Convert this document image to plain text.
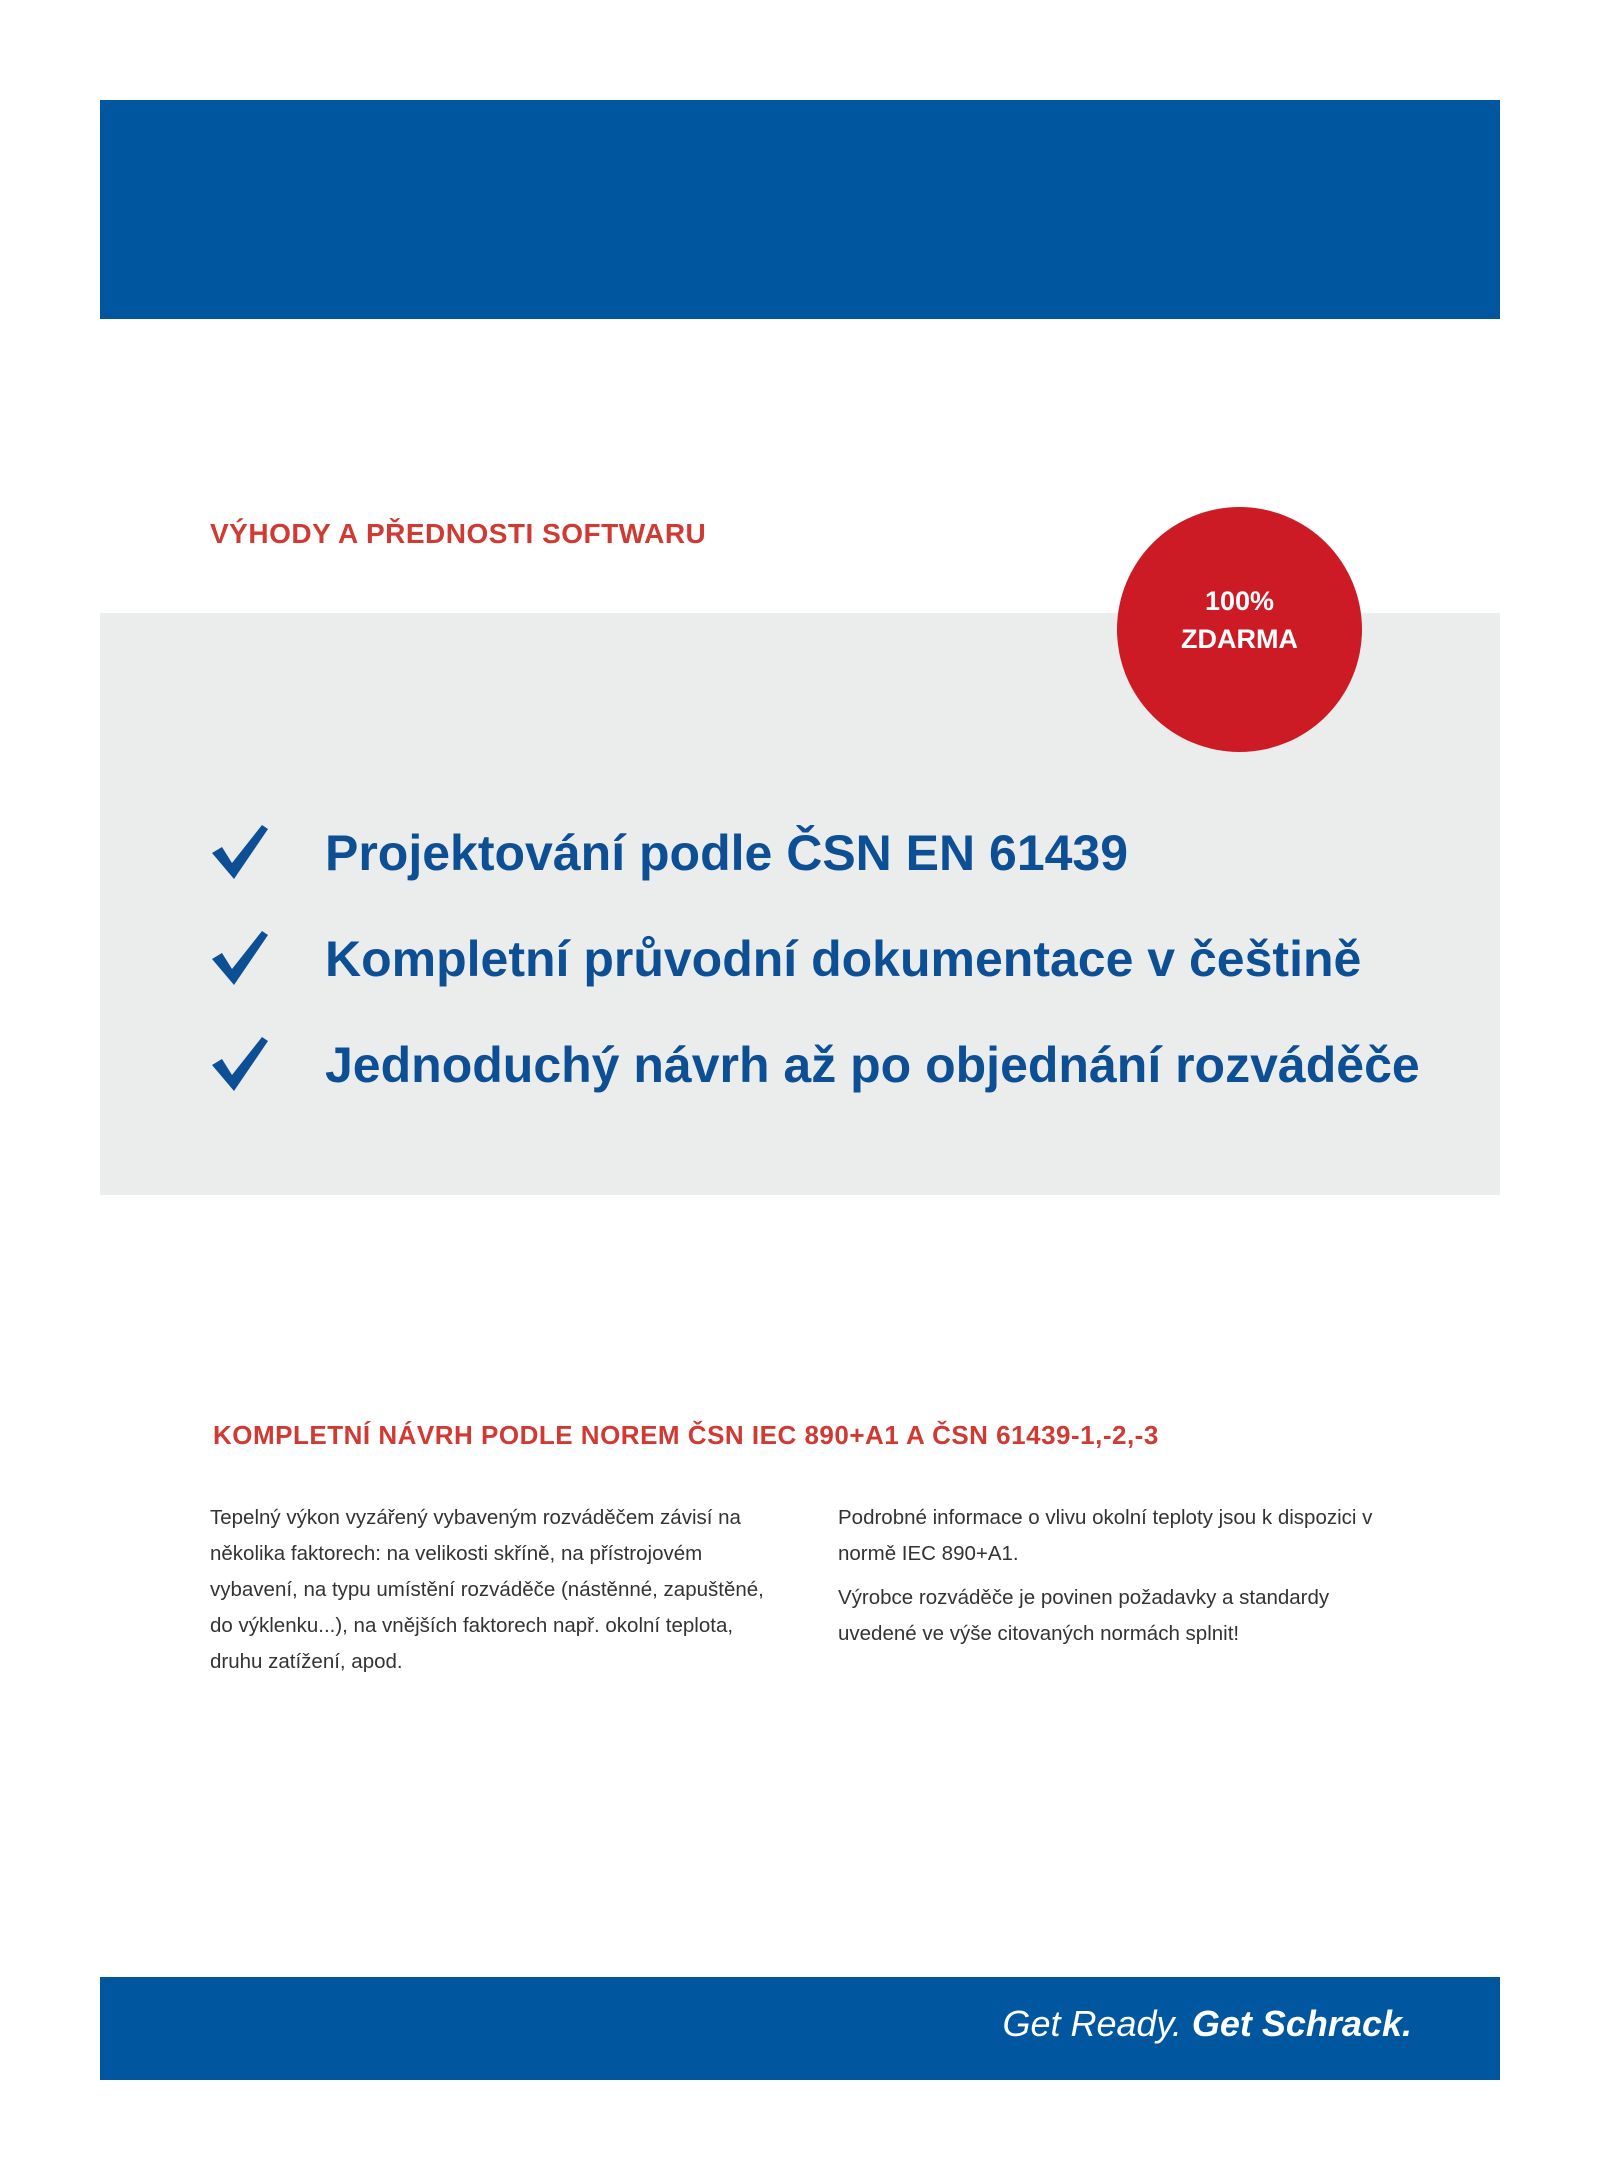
VÝHODY A PŘEDNOSTI SOFTWARU
100%
ZDARMA
Projektování podle ČSN EN 61439
Kompletní průvodní dokumentace v češtině
Jednoduchý návrh až po objednání rozváděče
KOMPLETNÍ NÁVRH PODLE NOREM ČSN IEC 890+A1 A ČSN 61439-1,-2,-3

Tepelný výkon vyzářený vybaveným rozváděčem závisí na
několika faktorech: na velikosti skříně, na přístrojovém
vybavení, na typu umístění rozváděče (nástěnné, zapuštěné,
do výklenku...), na vnějších faktorech např. okolní teplota,
druhu zatížení, apod.

Podrobné informace o vlivu okolní teploty jsou k dispozici v
normě IEC 890+A1.

Výrobce rozváděče je povinen požadavky a standardy
uvedené ve výše citovaných normách splnit!

Get Ready. Get Schrack.
